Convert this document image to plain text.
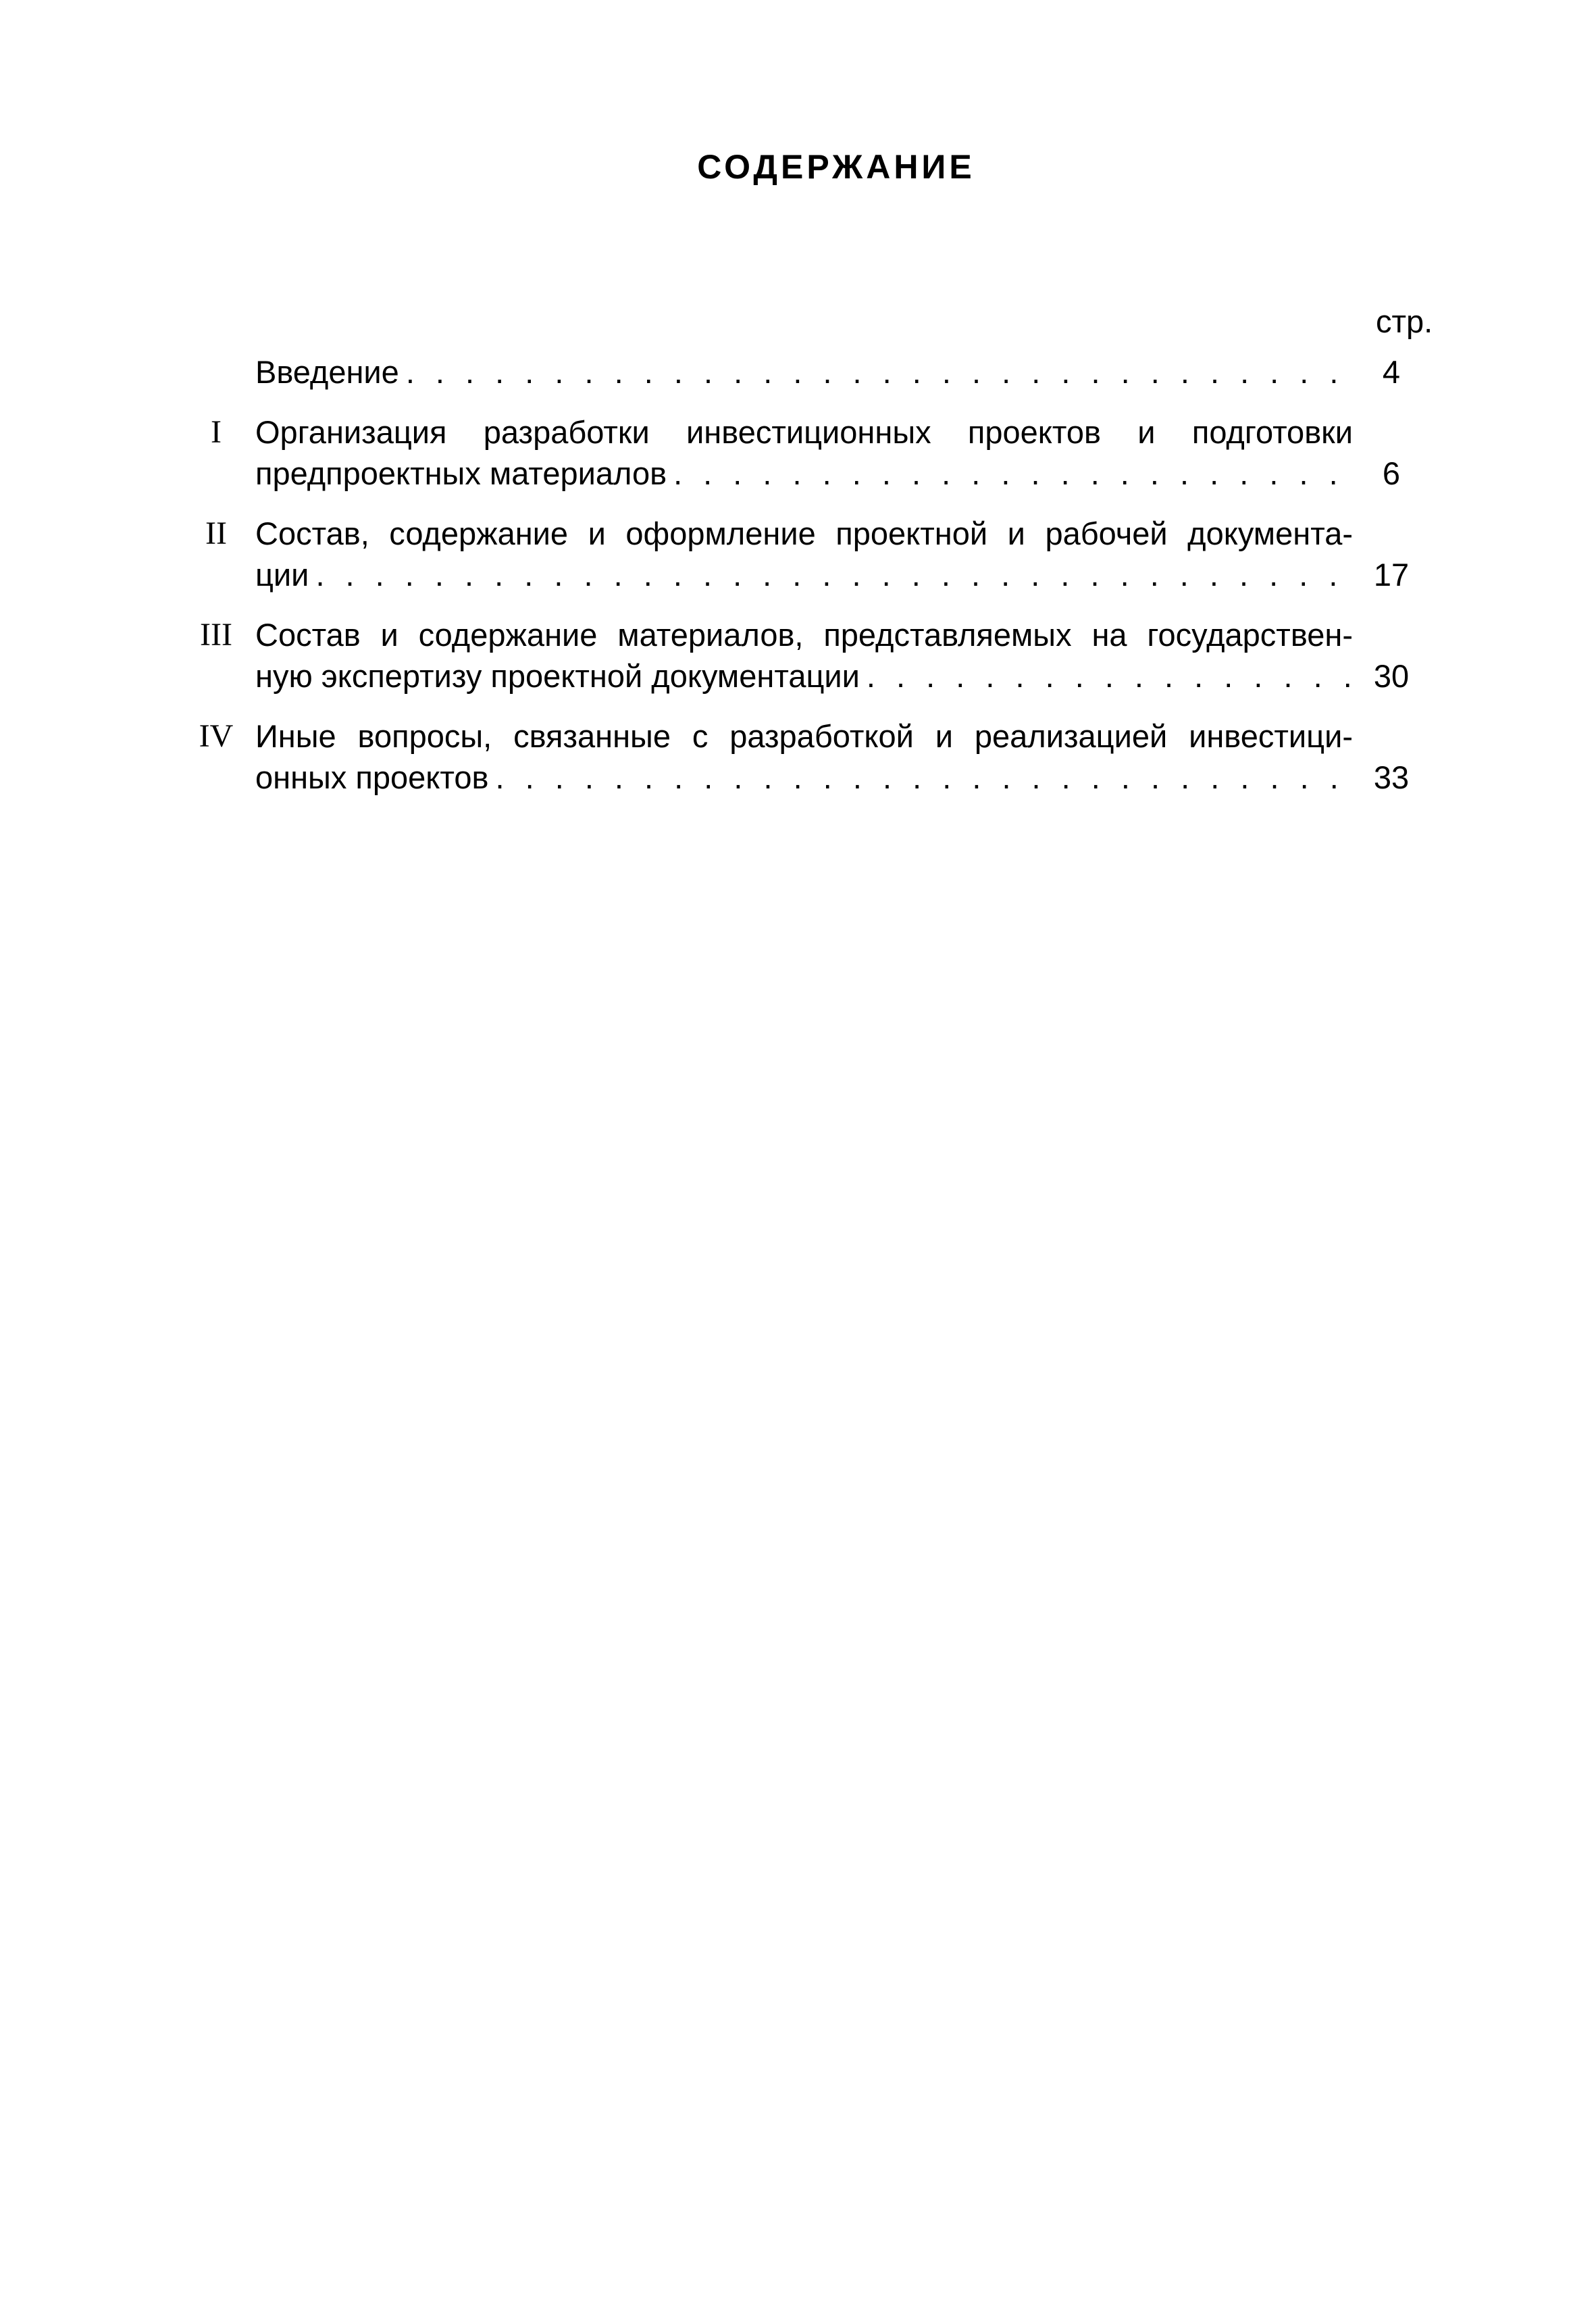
СОДЕРЖАНИЕ
стр.
Введение . . .	4
I	Организация разработки инвестиционных проектов и подготовки
предпроектных материалов . . .	6
II Состав, содержание и оформление проектной и рабочей документа-
ции . . .	17
III Состав и содержание материалов, представляемых на государствен-
ную экспертизу проектной документации . . .	30
IV Иные вопросы, связанные с разработкой и реализацией инвестици-
онных проектов . . .	33
